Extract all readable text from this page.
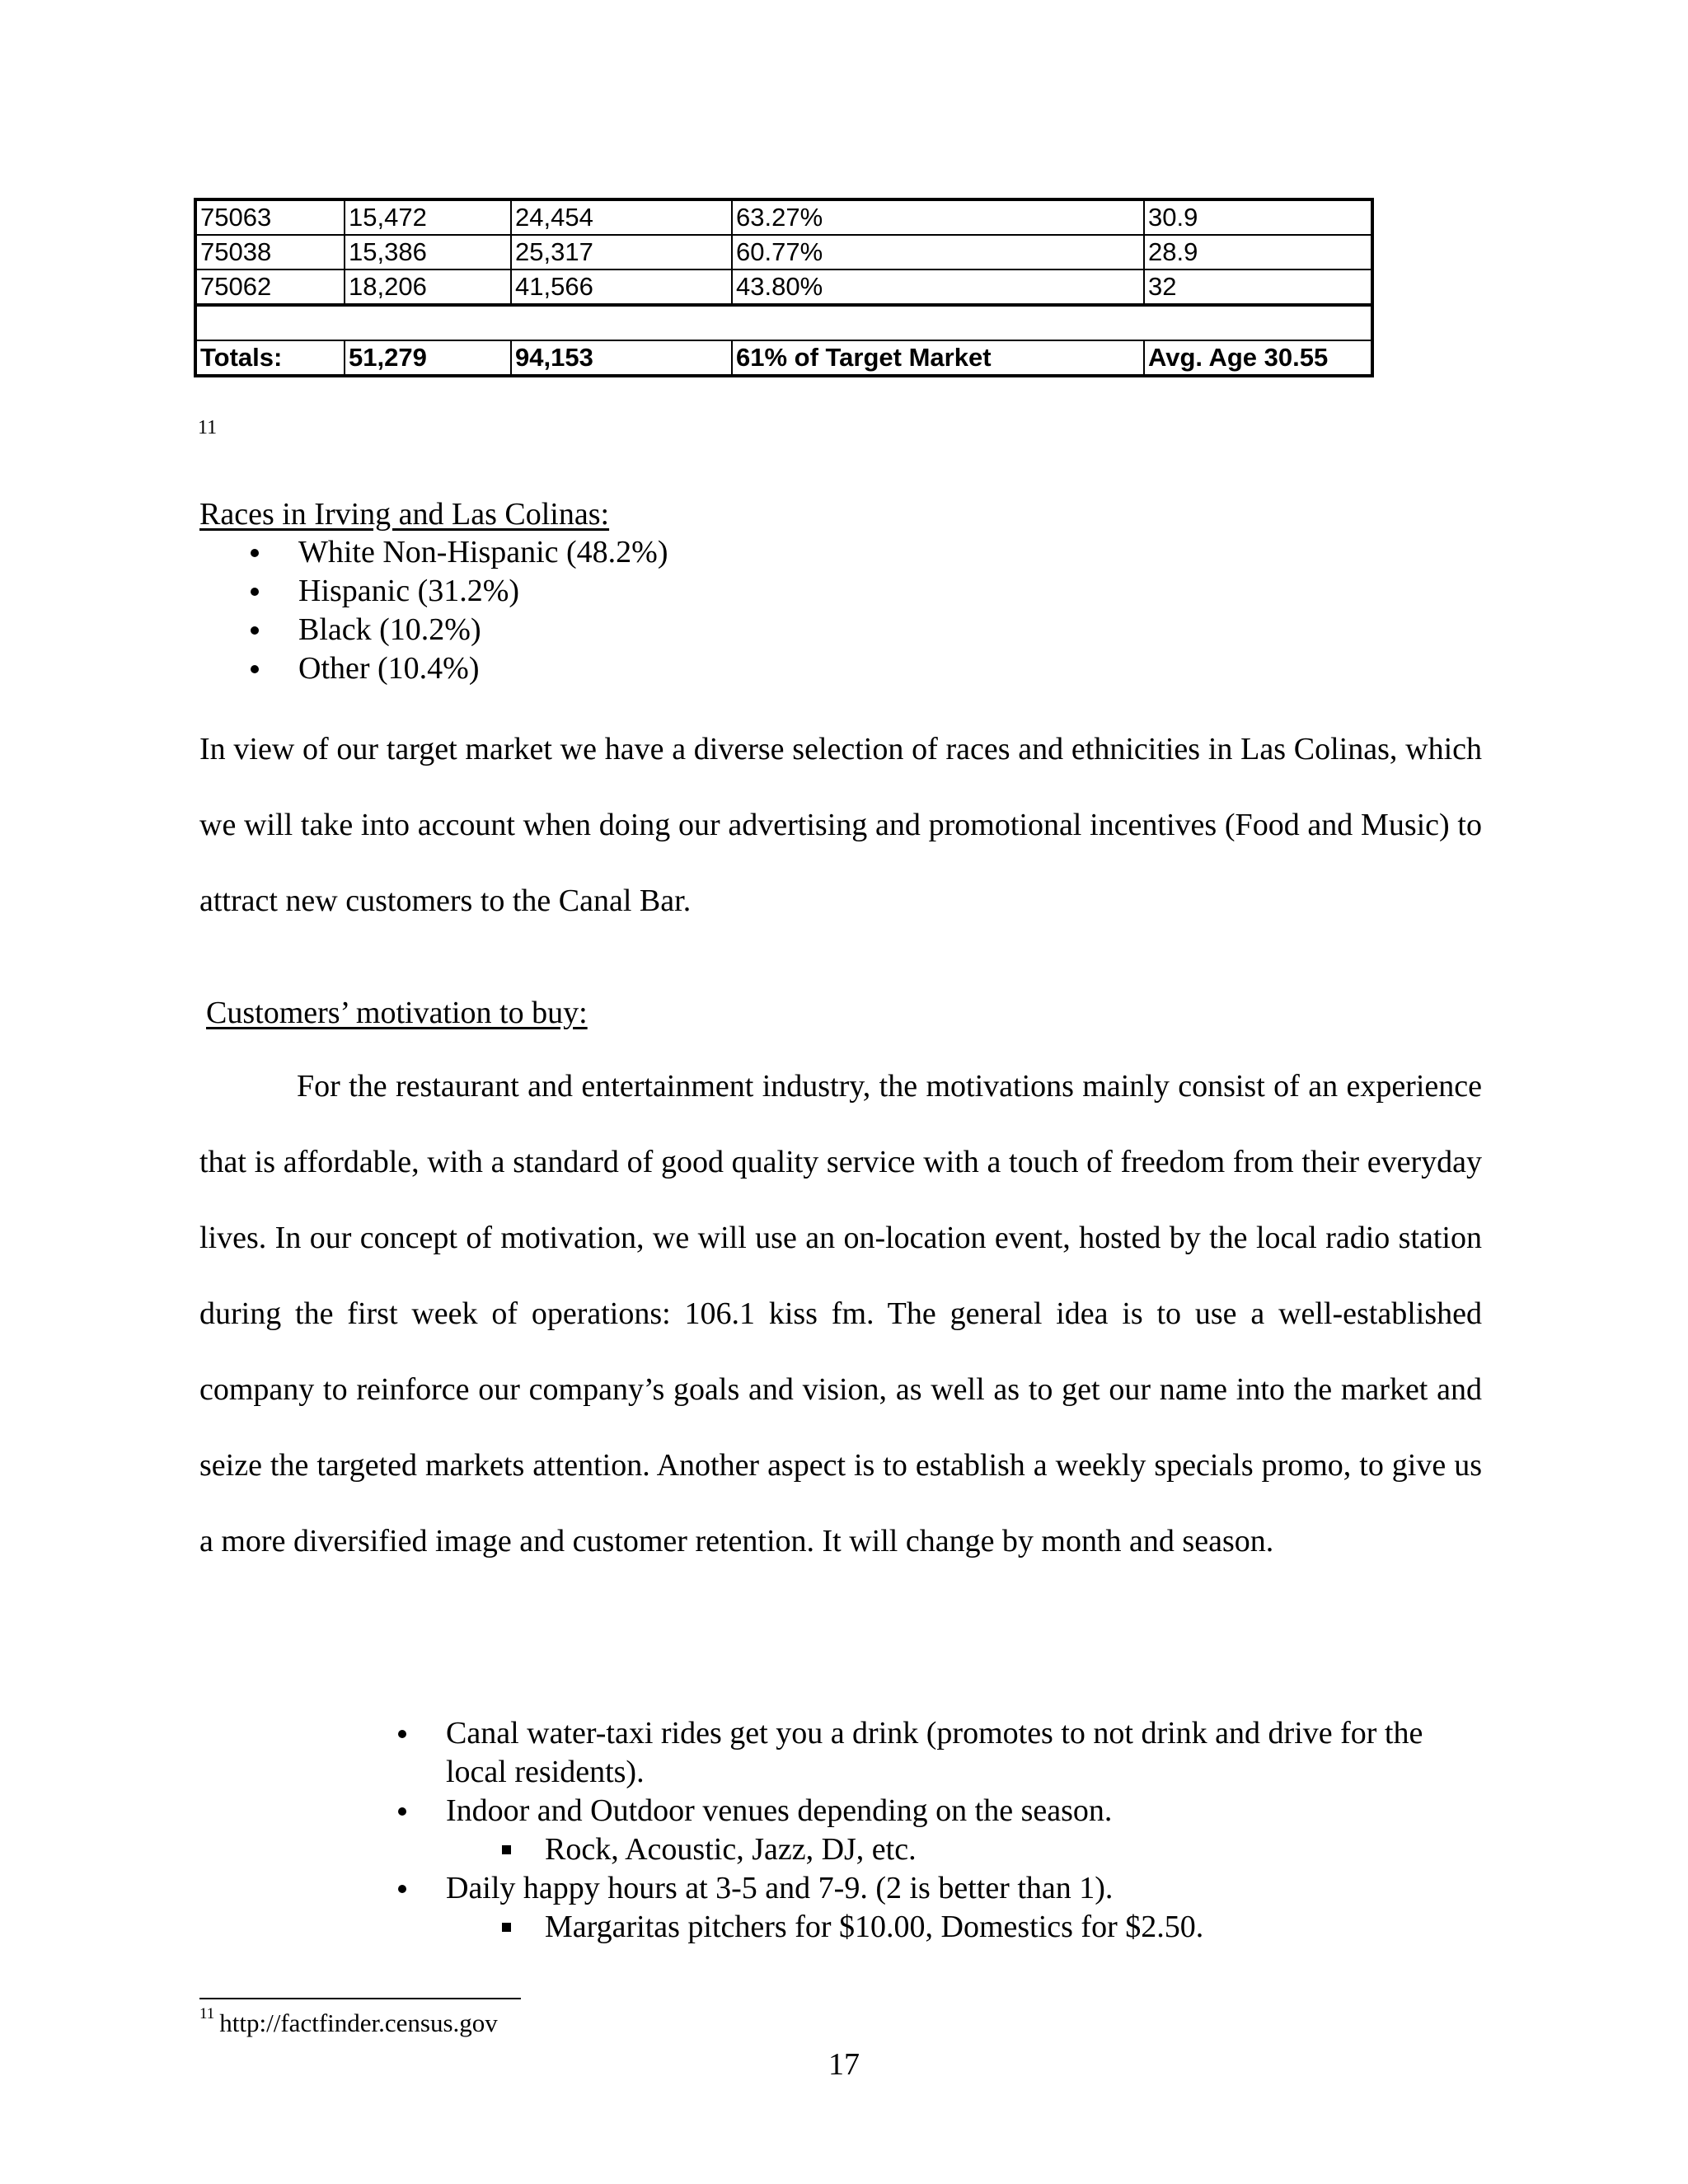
75063	15,472	24,454	63.27%	30.9
75038	15,386	25,317	60.77%	28.9
75062	18,206	41,566	43.80%	32

Totals:	51,279	94,153	61% of Target Market	Avg. Age 30.55
11
Races in Irving and Las Colinas:
White Non-Hispanic (48.2%)
Hispanic (31.2%)
Black (10.2%)
Other (10.4%)

In view of our target market we have a diverse selection of races and ethnicities in Las Colinas, which we will take into account when doing our advertising and promotional incentives (Food and Music) to attract new customers to the Canal Bar.

Customers’ motivation to buy:

For the restaurant and entertainment industry, the motivations mainly consist of an experience that is affordable, with a standard of good quality service with a touch of freedom from their everyday lives. In our concept of motivation, we will use an on-location event, hosted by the local radio station during the first week of operations: 106.1 kiss fm. The general idea is to use a well-established company to reinforce our company’s goals and vision, as well as to get our name into the market and seize the targeted markets attention. Another aspect is to establish a weekly specials promo, to give us a more diversified image and customer retention. It will change by month and season.

Canal water-taxi rides get you a drink (promotes to not drink and drive for the local residents).
Indoor and Outdoor venues depending on the season.
Rock, Acoustic, Jazz, DJ, etc.
Daily happy hours at 3-5 and 7-9. (2 is better than 1).
Margaritas pitchers for $10.00, Domestics for $2.50.
$^{11}$ http://factfinder.census.gov
17
